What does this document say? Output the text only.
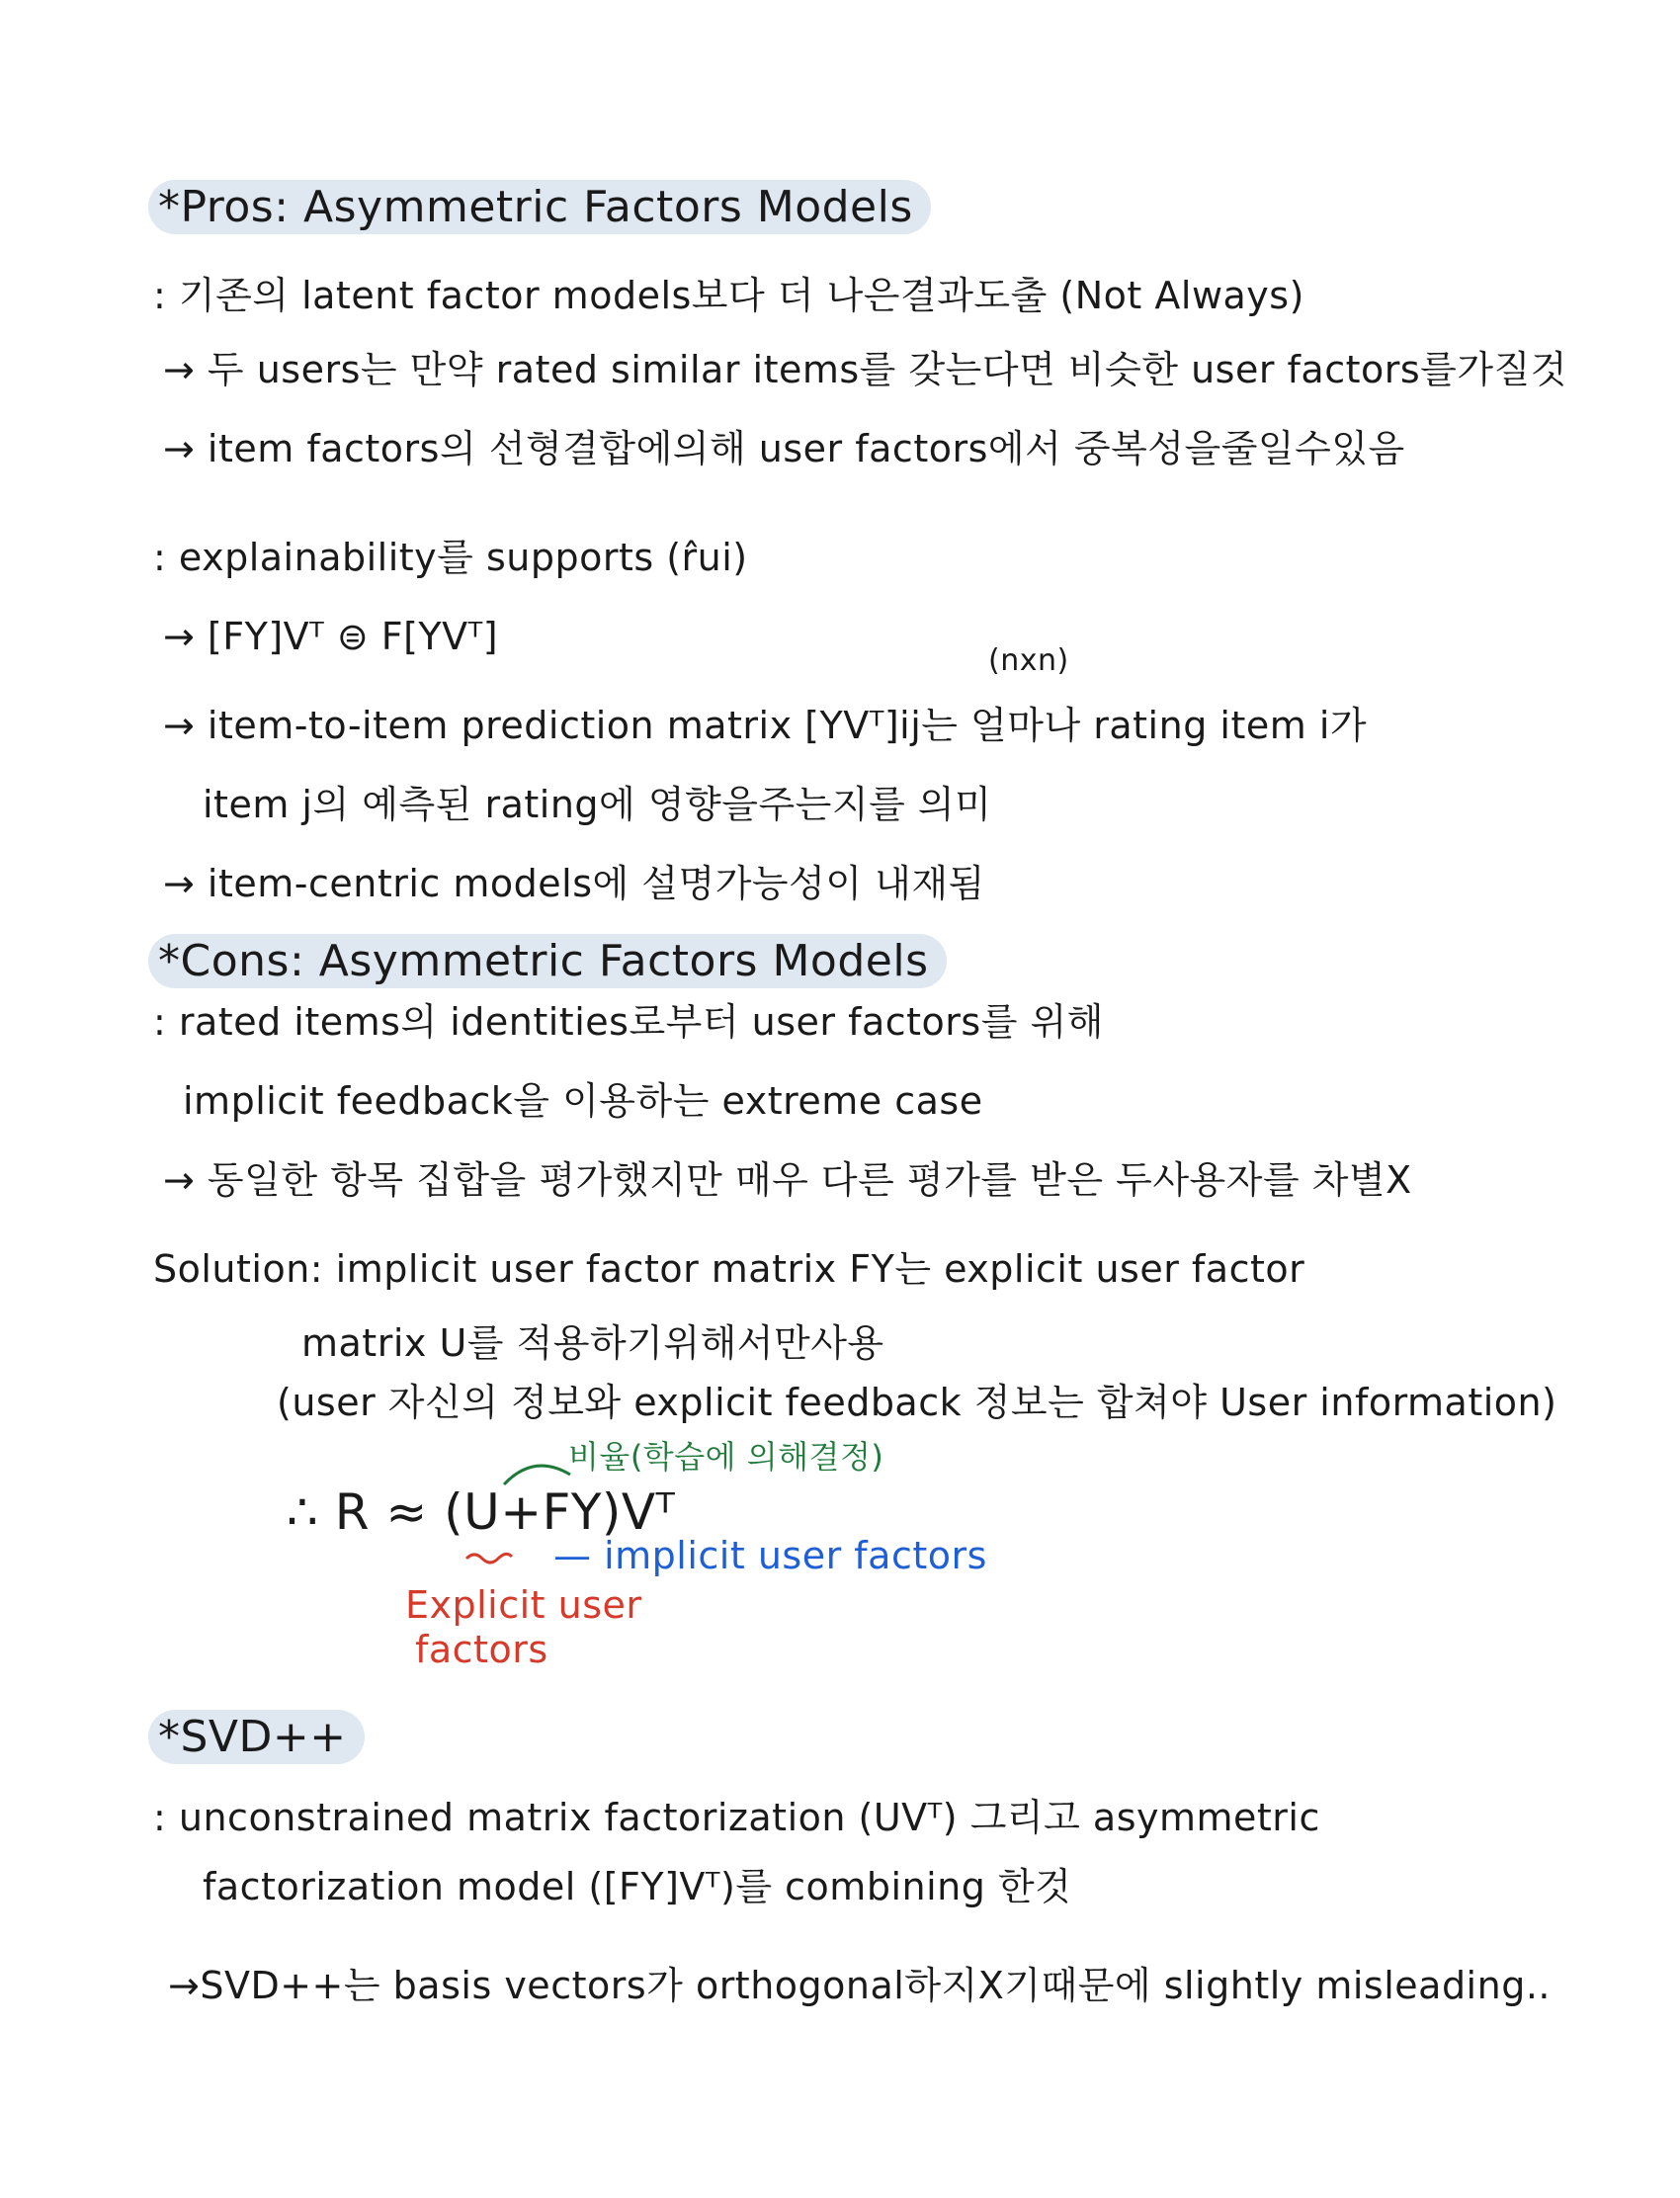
*Pros: Asymmetric Factors Models
: 기존의 latent factor models보다 더 나은결과도출 (Not Always)
→ 두 users는 만약 rated similar items를 갖는다면 비슷한 user factors를가질것
→ item factors의 선형결합에의해 user factors에서 중복성을줄일수있음
: explainability를 supports (r̂ui)
→ [FY]Vᵀ ⊜ F[YVᵀ]
(nxn)
→ item-to-item prediction matrix [YVᵀ]ij는 얼마나 rating item i가
item j의 예측된 rating에 영향을주는지를 의미
→ item-centric models에 설명가능성이 내재됨
*Cons: Asymmetric Factors Models
: rated items의 identities로부터 user factors를 위해
implicit feedback을 이용하는 extreme case
→ 동일한 항목 집합을 평가했지만 매우 다른 평가를 받은 두사용자를 차별X
Solution: implicit user factor matrix FY는 explicit user factor
matrix U를 적용하기위해서만사용
(user 자신의 정보와 explicit feedback 정보는 합쳐야 User information)
비율(학습에 의해결정)
∴ R ≈ (U+FY)Vᵀ
— implicit user factors
Explicit user
factors
*SVD++
: unconstrained matrix factorization (UVᵀ) 그리고 asymmetric
factorization model ([FY]Vᵀ)를 combining 한것
→SVD++는 basis vectors가 orthogonal하지X기때문에 slightly misleading..
